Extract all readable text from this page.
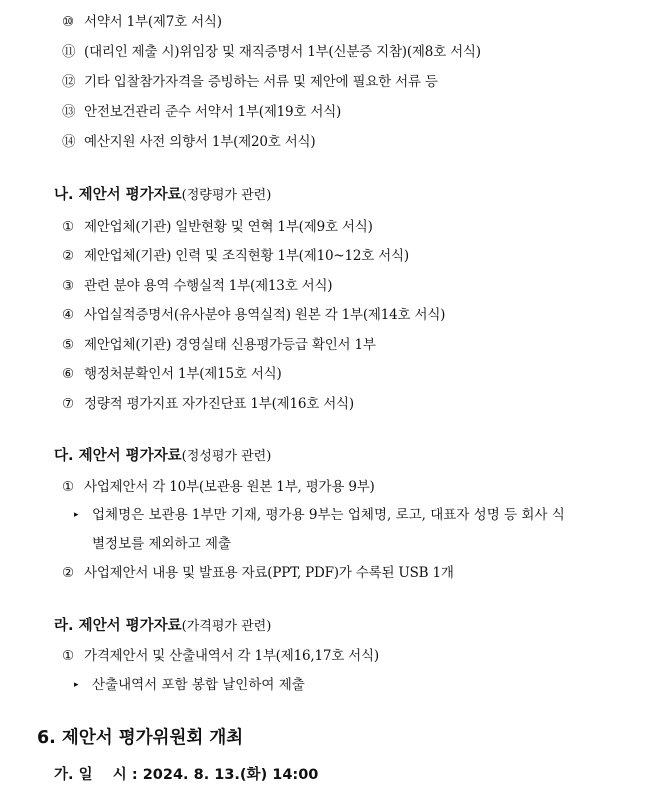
⑩ 서약서 1부(제7호 서식)
⑪ (대리인 제출 시)위임장 및 재직증명서 1부(신분증 지참)(제8호 서식)
⑫ 기타 입찰참가자격을 증빙하는 서류 및 제안에 필요한 서류 등
⑬ 안전보건관리 준수 서약서 1부(제19호 서식)
⑭ 예산지원 사전 의향서 1부(제20호 서식)
나. 제안서 평가자료(정량평가 관련)
① 제안업체(기관) 일반현황 및 연혁 1부(제9호 서식)
② 제안업체(기관) 인력 및 조직현황 1부(제10~12호 서식)
③ 관련 분야 용역 수행실적 1부(제13호 서식)
④ 사업실적증명서(유사분야 용역실적) 원본 각 1부(제14호 서식)
⑤ 제안업체(기관) 경영실태 신용평가등급 확인서 1부
⑥ 행정처분확인서 1부(제15호 서식)
⑦ 정량적 평가지표 자가진단표 1부(제16호 서식)
다. 제안서 평가자료(정성평가 관련)
① 사업제안서 각 10부(보관용 원본 1부, 평가용 9부)
▸ 업체명은 보관용 1부만 기재, 평가용 9부는 업체명, 로고, 대표자 성명 등 회사 식
별정보를 제외하고 제출
② 사업제안서 내용 및 발표용 자료(PPT, PDF)가 수록된 USB 1개
라. 제안서 평가자료(가격평가 관련)
① 가격제안서 및 산출내역서 각 1부(제16,17호 서식)
▸ 산출내역서 포함 봉합 날인하여 제출
6. 제안서 평가위원회 개최
가. 일    시 : 2024. 8. 13.(화) 14:00
